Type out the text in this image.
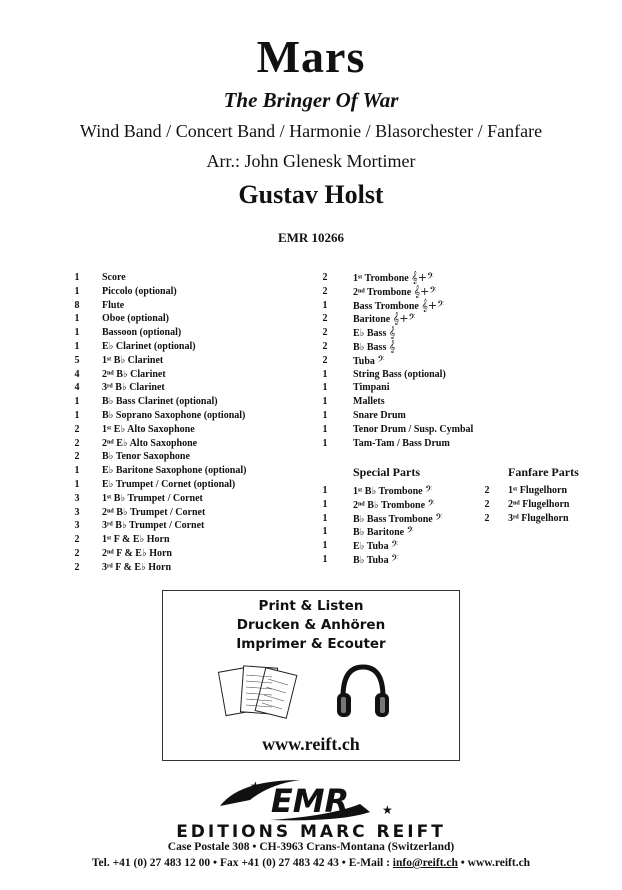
Mars
The Bringer Of War
Wind Band / Concert Band / Harmonie / Blasorchester / Fanfare
Arr.: John Glenesk Mortimer
Gustav Holst
EMR 10266
1	Score
1	Piccolo (optional)
8	Flute
1	Oboe (optional)
1	Bassoon (optional)
1	E♭ Clarinet (optional)
5	1ˢᵗ B♭ Clarinet
4	2ⁿᵈ B♭ Clarinet
4	3ʳᵈ B♭ Clarinet
1	B♭ Bass Clarinet (optional)
1	B♭ Soprano Saxophone (optional)
2	1ˢᵗ E♭ Alto Saxophone
2	2ⁿᵈ E♭ Alto Saxophone
2	B♭ Tenor Saxophone
1	E♭ Baritone Saxophone (optional)
1	E♭ Trumpet / Cornet (optional)
3	1ˢᵗ B♭ Trumpet / Cornet
3	2ⁿᵈ B♭ Trumpet / Cornet
3	3ʳᵈ B♭ Trumpet / Cornet
2	1ˢᵗ F & E♭ Horn
2	2ⁿᵈ F & E♭ Horn
2	3ʳᵈ F & E♭ Horn
2	1ˢᵗ Trombone 𝄞+𝄢
2	2ⁿᵈ Trombone 𝄞+𝄢
1	Bass Trombone 𝄞+𝄢
2	Baritone 𝄞+𝄢
2	E♭ Bass 𝄞
2	B♭ Bass 𝄞
2	Tuba 𝄢
1	String Bass (optional)
1	Timpani
1	Mallets
1	Snare Drum
1	Tenor Drum / Susp. Cymbal
1	Tam-Tam / Bass Drum
Special Parts	Fanfare Parts
1	1ˢᵗ B♭ Trombone 𝄢
1	2ⁿᵈ B♭ Trombone 𝄢
1	B♭ Bass Trombone 𝄢
1	B♭ Baritone 𝄢
1	E♭ Tuba 𝄢
1	B♭ Tuba 𝄢
2	1ˢᵗ Flugelhorn
2	2ⁿᵈ Flugelhorn
2	3ʳᵈ Flugelhorn
Print & Listen
Drucken & Anhören
Imprimer & Ecouter
www.reift.ch
EMR
★
★
EDITIONS MARC REIFT
Case Postale 308 • CH-3963 Crans-Montana (Switzerland)
Tel. +41 (0) 27 483 12 00 • Fax +41 (0) 27 483 42 43 • E-Mail : info@reift.ch • www.reift.ch
